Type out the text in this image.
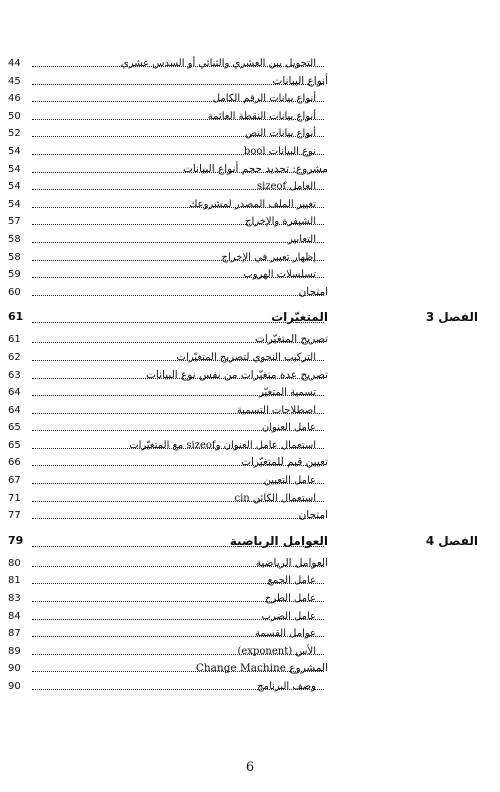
التحويل بين العشري والثنائي أو السدس عشري
44
أنواع البيانات
45
أنواع بيانات الرقم الكامل
46
أنواع بيانات النقطة العائمة
50
أنواع بيانات النص
52
نوع البيانات bool
54
مشروع: تحديد حجم أنواع البيانات
54
العامل sizeof
54
تغيير الملف المصدر لمشروعك
54
الشيفرة والإخراج
57
التعابير
58
إظهار تعبير في الإخراج
58
تسلسلات الهروب
59
امتحان
60
الفصل3
المتغيّرات
61
تصريح المتغيّرات
61
التركيب النحوي لتصريح المتغيّرات
62
تصريح عدة متغيّرات من نفس نوع البيانات
63
تسمية المتغيّر
64
اصطلاحات التسمية
64
عامل العنوان
65
استعمال عامل العنوان وsizeof مع المتغيّرات
65
تعيين قيم للمتغيّرات
66
عامل التعيين
67
استعمال الكائن cin
71
امتحان
77
الفصل4
العوامل الرياضية
79
العوامل الرياضية
80
عامل الجمع
81
عامل الطرح
83
عامل الضرب
84
عوامل القسمة
87
الأس (exponent)
89
المشروع Change Machine
90
وصف البرنامج
90
6
